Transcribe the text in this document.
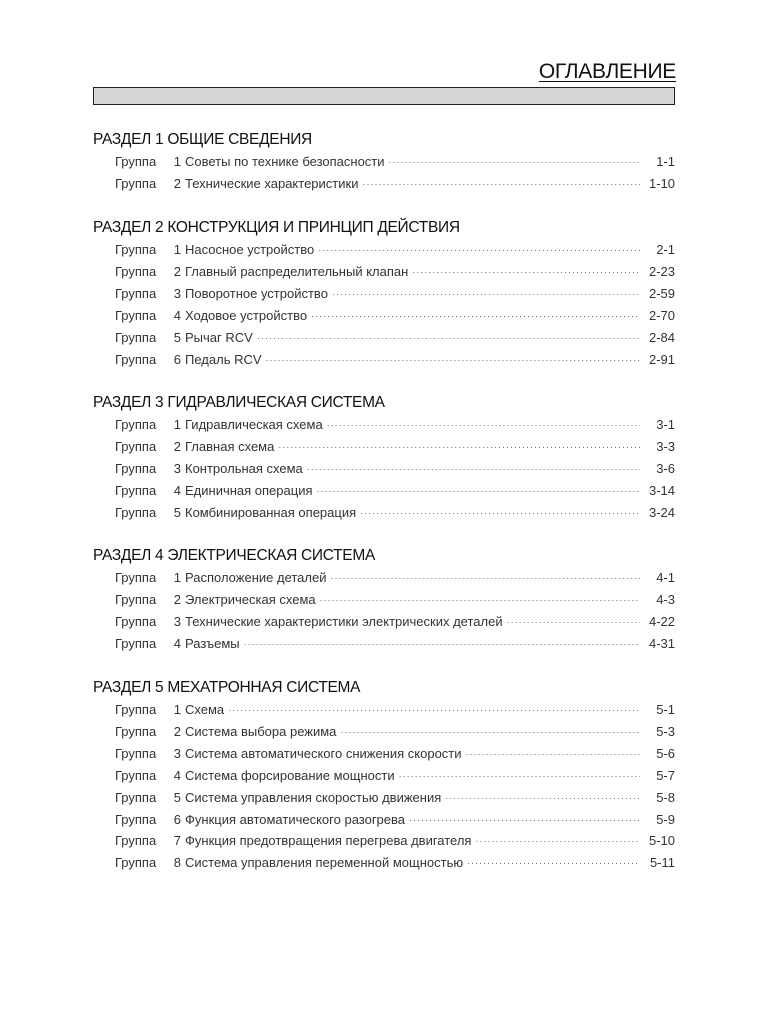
ОГЛАВЛЕНИЕ
РАЗДЕЛ 1 ОБЩИЕ СВЕДЕНИЯ
Группа	1 Советы по технике безопасности ·····	1-1
Группа	2 Технические характеристики ·····	1-10
РАЗДЕЛ 2 КОНСТРУКЦИЯ И ПРИНЦИП ДЕЙСТВИЯ
Группа	1 Насосное устройство ·····	2-1
Группа	2 Главный распределительный клапан ·····	2-23
Группа	3 Поворотное устройство ·····	2-59
Группа	4 Ходовое устройство ·····	2-70
Группа	5 Рычаг RCV ·····	2-84
Группа	6 Педаль RCV ·····	2-91
РАЗДЕЛ 3 ГИДРАВЛИЧЕСКАЯ СИСТЕМА
Группа	1 Гидравлическая схема ·····	3-1
Группа	2 Главная схема ·····	3-3
Группа	3 Контрольная схема ·····	3-6
Группа	4 Единичная операция ·····	3-14
Группа	5 Комбинированная операция ·····	3-24
РАЗДЕЛ 4 ЭЛЕКТРИЧЕСКАЯ СИСТЕМА
Группа	1 Расположение деталей ·····	4-1
Группа	2 Электрическая схема ·····	4-3
Группа	3 Технические характеристики электрических деталей ·····	4-22
Группа	4 Разъемы ·····	4-31
РАЗДЕЛ 5 МЕХАТРОННАЯ СИСТЕМА
Группа	1 Схема ·····	5-1
Группа	2 Система выбора режима ·····	5-3
Группа	3 Система автоматического снижения скорости ·····	5-6
Группа	4 Система форсирование мощности ·····	5-7
Группа	5 Система управления скоростью движения ·····	5-8
Группа	6 Функция автоматического разогрева ·····	5-9
Группа	7 Функция предотвращения перегрева двигателя ·····	5-10
Группа	8 Система управления переменной мощностью ·····	5-11
